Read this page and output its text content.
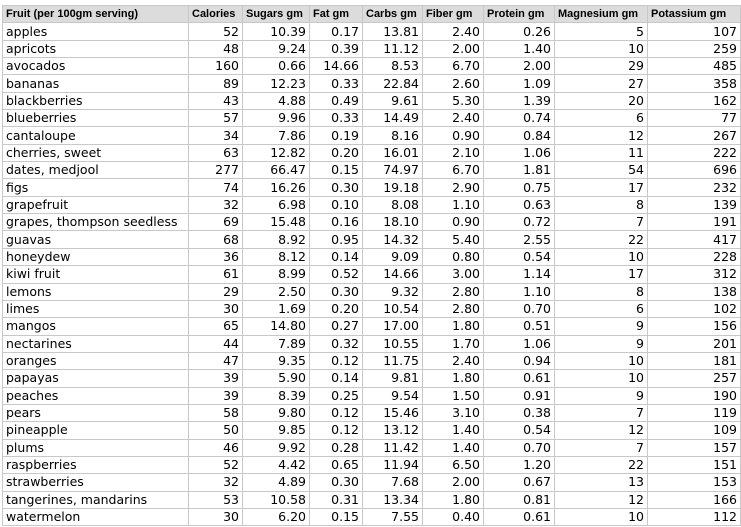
Fruit (per 100gm serving)	Calories	Sugars gm	Fat gm	Carbs gm	Fiber gm	Protein gm	Magnesium gm	Potassium gm
apples	52	10.39	0.17	13.81	2.40	0.26	5	107
apricots	48	9.24	0.39	11.12	2.00	1.40	10	259
avocados	160	0.66	14.66	8.53	6.70	2.00	29	485
bananas	89	12.23	0.33	22.84	2.60	1.09	27	358
blackberries	43	4.88	0.49	9.61	5.30	1.39	20	162
blueberries	57	9.96	0.33	14.49	2.40	0.74	6	77
cantaloupe	34	7.86	0.19	8.16	0.90	0.84	12	267
cherries, sweet	63	12.82	0.20	16.01	2.10	1.06	11	222
dates, medjool	277	66.47	0.15	74.97	6.70	1.81	54	696
figs	74	16.26	0.30	19.18	2.90	0.75	17	232
grapefruit	32	6.98	0.10	8.08	1.10	0.63	8	139
grapes, thompson seedless	69	15.48	0.16	18.10	0.90	0.72	7	191
guavas	68	8.92	0.95	14.32	5.40	2.55	22	417
honeydew	36	8.12	0.14	9.09	0.80	0.54	10	228
kiwi fruit	61	8.99	0.52	14.66	3.00	1.14	17	312
lemons	29	2.50	0.30	9.32	2.80	1.10	8	138
limes	30	1.69	0.20	10.54	2.80	0.70	6	102
mangos	65	14.80	0.27	17.00	1.80	0.51	9	156
nectarines	44	7.89	0.32	10.55	1.70	1.06	9	201
oranges	47	9.35	0.12	11.75	2.40	0.94	10	181
papayas	39	5.90	0.14	9.81	1.80	0.61	10	257
peaches	39	8.39	0.25	9.54	1.50	0.91	9	190
pears	58	9.80	0.12	15.46	3.10	0.38	7	119
pineapple	50	9.85	0.12	13.12	1.40	0.54	12	109
plums	46	9.92	0.28	11.42	1.40	0.70	7	157
raspberries	52	4.42	0.65	11.94	6.50	1.20	22	151
strawberries	32	4.89	0.30	7.68	2.00	0.67	13	153
tangerines, mandarins	53	10.58	0.31	13.34	1.80	0.81	12	166
watermelon	30	6.20	0.15	7.55	0.40	0.61	10	112
